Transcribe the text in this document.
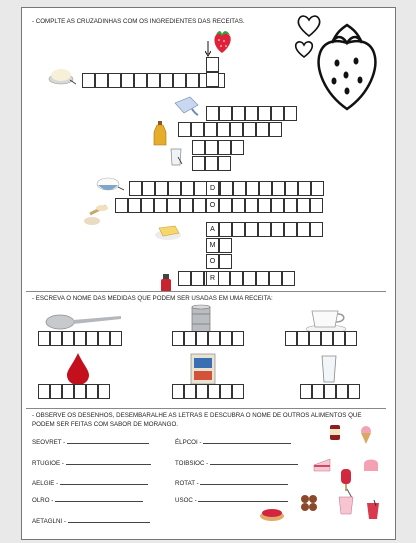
- COMPLTE AS CRUZADINHAS COM OS INGREDIENTES DAS RECEITAS.
D
O
A
M
O
R
- ESCREVA O NOME DAS MEDIDAS QUE PODEM SER USADAS EM UMA RECEITA:
- OBSERVE OS DESENHOS, DESEMBARALHE AS LETRAS E DESCUBRA O NOME DE OUTROS ALIMENTOS QUE
PODEM SER FEITAS COM SABOR DE MORANGO.
SEOVRET -	ÉLPCOI -
RTUGIOE -	TOIBSIOC -
AELGIE -	ROTAT -
OLRO -	USOC -
AETAGLNI -
